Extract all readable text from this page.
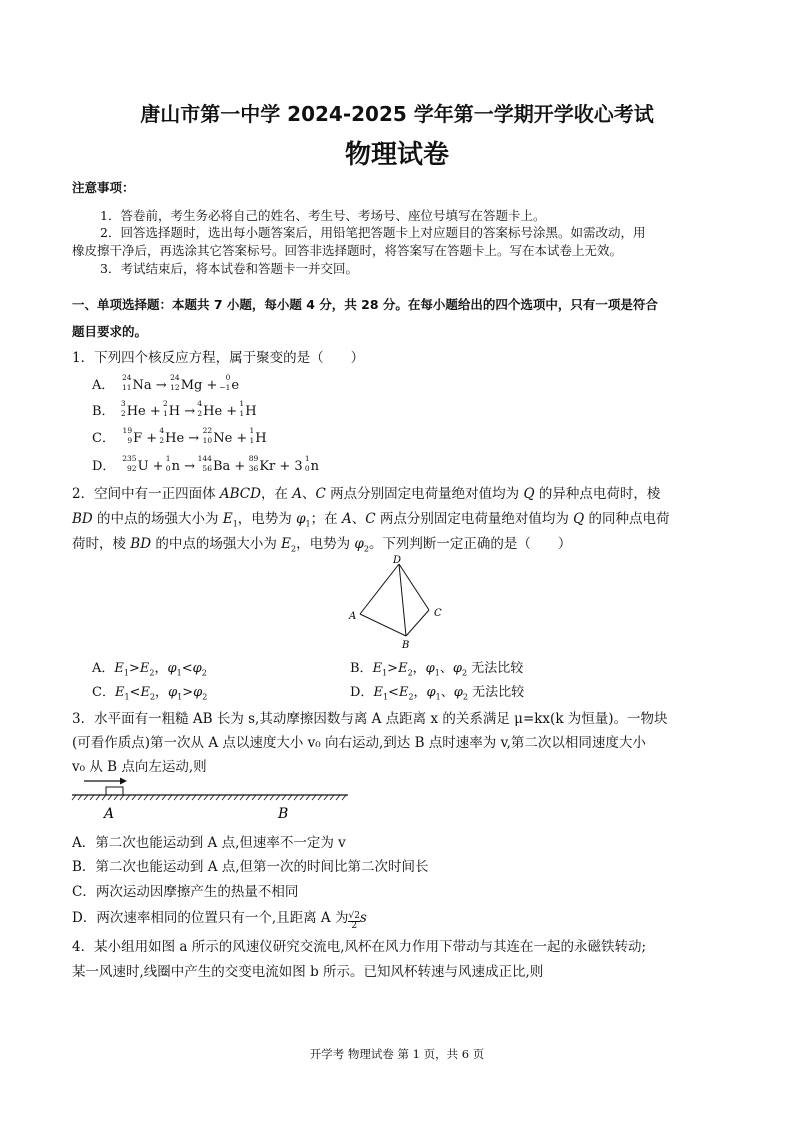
唐山市第一中学 2024-2025 学年第一学期开学收心考试
物理试卷
注意事项：
1．答卷前，考生务必将自己的姓名、考生号、考场号、座位号填写在答题卡上。
2．回答选择题时，选出每小题答案后，用铅笔把答题卡上对应题目的答案标号涂黑。如需改动，用
橡皮擦干净后，再选涂其它答案标号。回答非选择题时，将答案写在答题卡上。写在本试卷上无效。
3．考试结束后，将本试卷和答题卡一并交回。
一、单项选择题：本题共 7 小题，每小题 4 分，共 28 分。在每小题给出的四个选项中，只有一项是符合
题目要求的。
1．下列四个核反应方程，属于聚变的是（　　）
A．
24
11 Na →
24
12 Mg +
0
−1 e
B．
3
2 He +
2
1 H →
4
2 He +
1
1 H
C．
19
9 F +
4
2 He →
22
10 Ne +
1
1 H
D．
235
92 U +
1
0 n →
144
56 Ba +
89
36 Kr + 3
1
0 n
2．空间中有一正四面体 ABCD，在 A、C 两点分别固定电荷量绝对值均为 Q 的异种点电荷时，棱
BD 的中点的场强大小为 $E_1$，电势为 $\varphi_1$；在 A、C 两点分别固定电荷量绝对值均为 Q 的同种点电荷
荷时，棱 BD 的中点的场强大小为 $E_2$，电势为 $\varphi_2$。下列判断一定正确的是（　　）
D
A	C
B
A．$E_1>E_2$，$\varphi_1<\varphi_2$	B．$E_1>E_2$，$\varphi_1$、$\varphi_2$ 无法比较
C．$E_1<E_2$，$\varphi_1>\varphi_2$	D．$E_1<E_2$，$\varphi_1$、$\varphi_2$ 无法比较
3．水平面有一粗糙 AB 长为 s,其动摩擦因数与离 A 点距离 x 的关系满足 μ=kx(k 为恒量)。一物块
(可看作质点)第一次从 A 点以速度大小 v₀ 向右运动,到达 B 点时速率为 v,第二次以相同速度大小
v₀ 从 B 点向左运动,则
A	B
A．第二次也能运动到 A 点,但速率不一定为 v
B．第二次也能运动到 A 点,但第一次的时间比第二次时间长
C．两次运动因摩擦产生的热量不相同
D．两次速率相同的位置只有一个,且距离 A 为 $\frac{√2}{2}$ s
4．某小组用如图 a 所示的风速仪研究交流电,风杯在风力作用下带动与其连在一起的永磁铁转动;
某一风速时,线圈中产生的交变电流如图 b 所示。已知风杯转速与风速成正比,则
开学考 物理试卷 第 1 页，共 6 页
